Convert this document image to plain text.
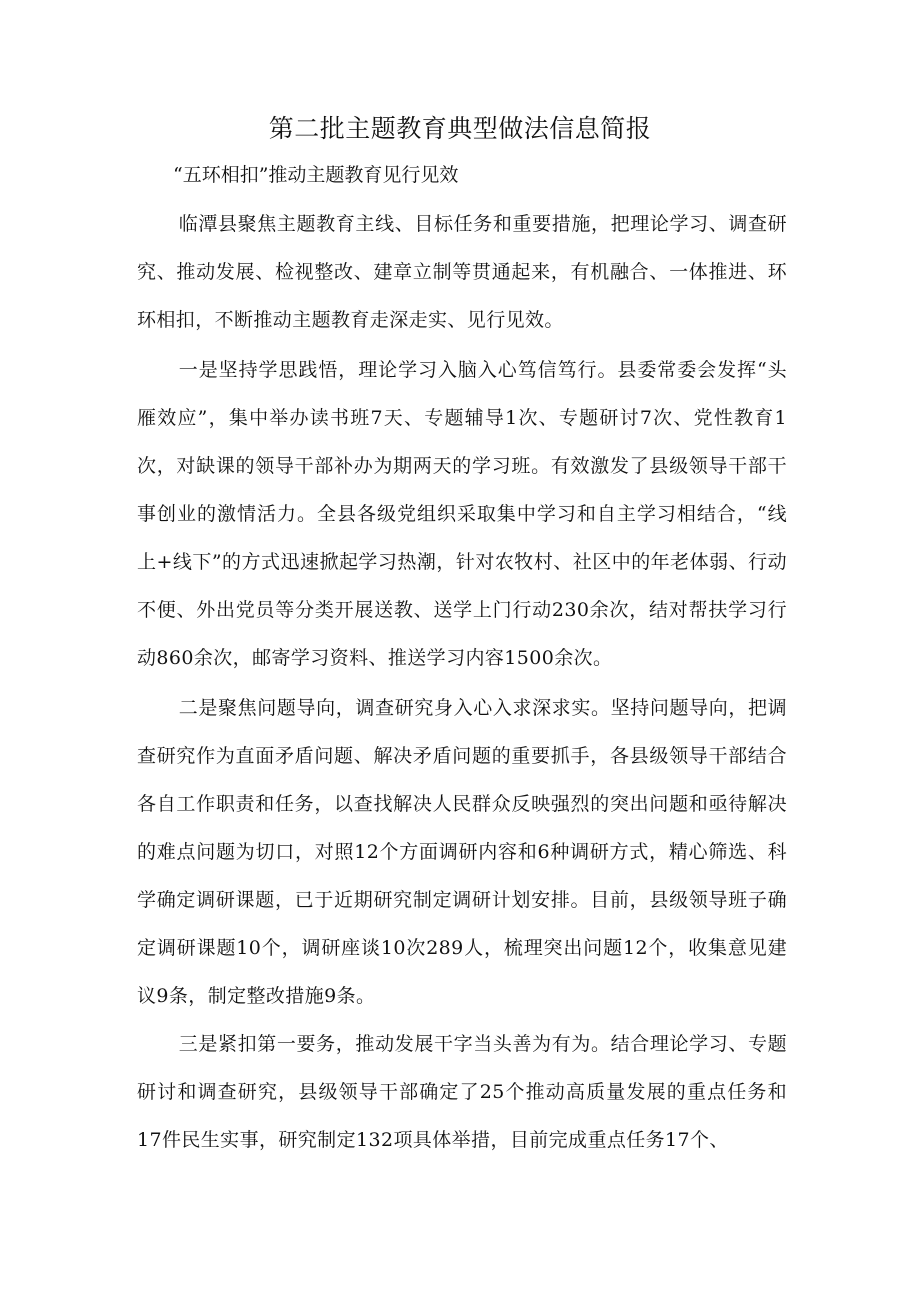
第二批主题教育典型做法信息简报
“五环相扣”推动主题教育见行见效

临潭县聚焦主题教育主线、目标任务和重要措施，把理论学习、调查研究、推动发展、检视整改、建章立制等贯通起来，有机融合、一体推进、环环相扣，不断推动主题教育走深走实、见行见效。

一是坚持学思践悟，理论学习入脑入心笃信笃行。县委常委会发挥“头雁效应”，集中举办读书班7天、专题辅导1次、专题研讨7次、党性教育1次，对缺课的领导干部补办为期两天的学习班。有效激发了县级领导干部干事创业的激情活力。全县各级党组织采取集中学习和自主学习相结合，“线上+线下”的方式迅速掀起学习热潮，针对农牧村、社区中的年老体弱、行动不便、外出党员等分类开展送教、送学上门行动230余次，结对帮扶学习行动860余次，邮寄学习资料、推送学习内容1500余次。

二是聚焦问题导向，调查研究身入心入求深求实。坚持问题导向，把调查研究作为直面矛盾问题、解决矛盾问题的重要抓手，各县级领导干部结合各自工作职责和任务，以查找解决人民群众反映强烈的突出问题和亟待解决的难点问题为切口，对照12个方面调研内容和6种调研方式，精心筛选、科学确定调研课题，已于近期研究制定调研计划安排。目前，县级领导班子确定调研课题10个，调研座谈10次289人，梳理突出问题12个，收集意见建议9条，制定整改措施9条。

三是紧扣第一要务，推动发展干字当头善为有为。结合理论学习、专题研讨和调查研究，县级领导干部确定了25个推动高质量发展的重点任务和17件民生实事，研究制定132项具体举措，目前完成重点任务17个、
